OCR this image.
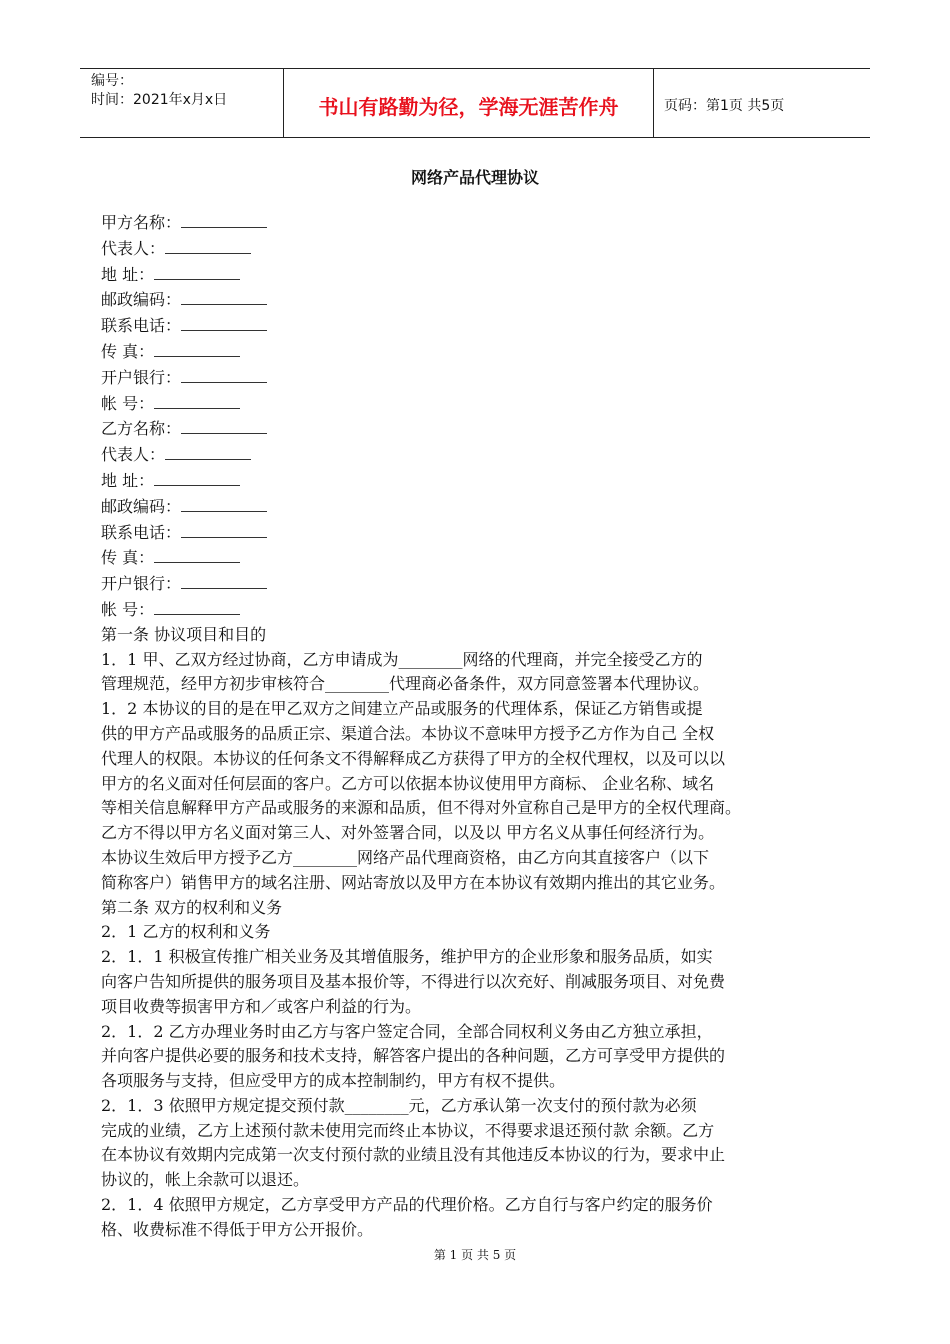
编号：
时间：2021年x月x日	书山有路勤为径，学海无涯苦作舟	页码：第1页 共5页
网络产品代理协议
甲方名称：
代表人：
地 址：
邮政编码：
联系电话：
传 真：
开户银行：
帐 号：
乙方名称：
代表人：
地 址：
邮政编码：
联系电话：
传 真：
开户银行：
帐 号：
第一条 协议项目和目的
1．1 甲、乙双方经过协商，乙方申请成为________网络的代理商，并完全接受乙方的
管理规范，经甲方初步审核符合________代理商必备条件，双方同意签署本代理协议。
1．2 本协议的目的是在甲乙双方之间建立产品或服务的代理体系，保证乙方销售或提
供的甲方产品或服务的品质正宗、渠道合法。本协议不意味甲方授予乙方作为自己 全权
代理人的权限。本协议的任何条文不得解释成乙方获得了甲方的全权代理权，以及可以以
甲方的名义面对任何层面的客户。乙方可以依据本协议使用甲方商标、 企业名称、域名
等相关信息解释甲方产品或服务的来源和品质，但不得对外宣称自己是甲方的全权代理商。
乙方不得以甲方名义面对第三人、对外签署合同，以及以 甲方名义从事任何经济行为。
本协议生效后甲方授予乙方________网络产品代理商资格，由乙方向其直接客户（以下
简称客户）销售甲方的域名注册、网站寄放以及甲方在本协议有效期内推出的其它业务。
第二条 双方的权利和义务
2．1 乙方的权利和义务
2．1．1 积极宣传推广相关业务及其增值服务，维护甲方的企业形象和服务品质，如实
向客户告知所提供的服务项目及基本报价等，不得进行以次充好、削减服务项目、对免费
项目收费等损害甲方和／或客户利益的行为。
2．1．2 乙方办理业务时由乙方与客户签定合同，全部合同权利义务由乙方独立承担，
并向客户提供必要的服务和技术支持，解答客户提出的各种问题，乙方可享受甲方提供的
各项服务与支持，但应受甲方的成本控制制约，甲方有权不提供。
2．1．3 依照甲方规定提交预付款________元，乙方承认第一次支付的预付款为必须
完成的业绩，乙方上述预付款未使用完而终止本协议，不得要求退还预付款 余额。乙方
在本协议有效期内完成第一次支付预付款的业绩且没有其他违反本协议的行为，要求中止
协议的，帐上余款可以退还。
2．1．4 依照甲方规定，乙方享受甲方产品的代理价格。乙方自行与客户约定的服务价
格、收费标准不得低于甲方公开报价。
第 1 页 共 5 页
